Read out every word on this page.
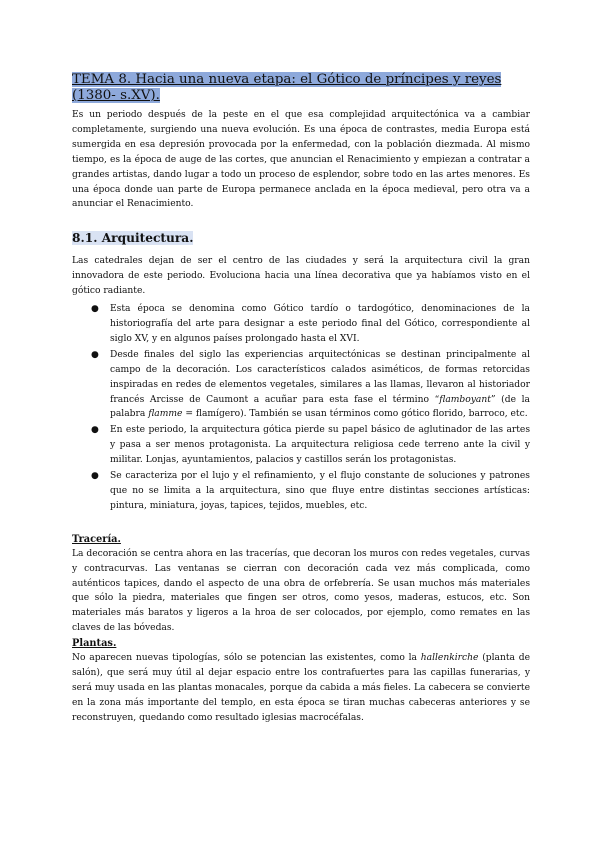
TEMA 8. Hacia una nueva etapa: el Gótico de príncipes y reyes
(1380- s.XV).

Es un periodo después de la peste en el que esa complejidad arquitectónica va a cambiar completamente, surgiendo una nueva evolución. Es una época de contrastes, media Europa está sumergida en esa depresión provocada por la enfermedad, con la población diezmada. Al mismo tiempo, es la época de auge de las cortes, que anuncian el Renacimiento y empiezan a contratar a grandes artistas, dando lugar a todo un proceso de esplendor, sobre todo en las artes menores. Es una época donde uan parte de Europa permanece anclada en la época medieval, pero otra va a anunciar el Renacimiento.

8.1. Arquitectura.

Las catedrales dejan de ser el centro de las ciudades y será la arquitectura civil la gran innovadora de este periodo. Evoluciona hacia una línea decorativa que ya habíamos visto en el gótico radiante.

● Esta época se denomina como Gótico tardío o tardogótico, denominaciones de la historiografía del arte para designar a este periodo final del Gótico, correspondiente al siglo XV, y en algunos países prolongado hasta el XVI.
● Desde finales del siglo las experiencias arquitectónicas se destinan principalmente al campo de la decoración. Los característicos calados asiméticos, de formas retorcidas inspiradas en redes de elementos vegetales, similares a las llamas, llevaron al historiador francés Arcisse de Caumont a acuñar para esta fase el término “flamboyant” (de la palabra flamme = flamígero). También se usan términos como gótico florido, barroco, etc.
● En este periodo, la arquitectura gótica pierde su papel básico de aglutinador de las artes y pasa a ser menos protagonista. La arquitectura religiosa cede terreno ante la civil y militar. Lonjas, ayuntamientos, palacios y castillos serán los protagonistas.
● Se caracteriza por el lujo y el refinamiento, y el flujo constante de soluciones y patrones que no se limita a la arquitectura, sino que fluye entre distintas secciones artísticas: pintura, miniatura, joyas, tapices, tejidos, muebles, etc.
Tracería.

La decoración se centra ahora en las tracerías, que decoran los muros con redes vegetales, curvas y contracurvas. Las ventanas se cierran con decoración cada vez más complicada, como auténticos tapices, dando el aspecto de una obra de orfebrería. Se usan muchos más materiales que sólo la piedra, materiales que fingen ser otros, como yesos, maderas, estucos, etc. Son materiales más baratos y ligeros a la hroa de ser colocados, por ejemplo, como remates en las claves de las bóvedas.

Plantas.

No aparecen nuevas tipologías, sólo se potencian las existentes, como la hallenkirche (planta de salón), que será muy útil al dejar espacio entre los contrafuertes para las capillas funerarias, y será muy usada en las plantas monacales, porque da cabida a más fieles. La cabecera se convierte en la zona más importante del templo, en esta época se tiran muchas cabeceras anteriores y se reconstruyen, quedando como resultado iglesias macrocéfalas.
